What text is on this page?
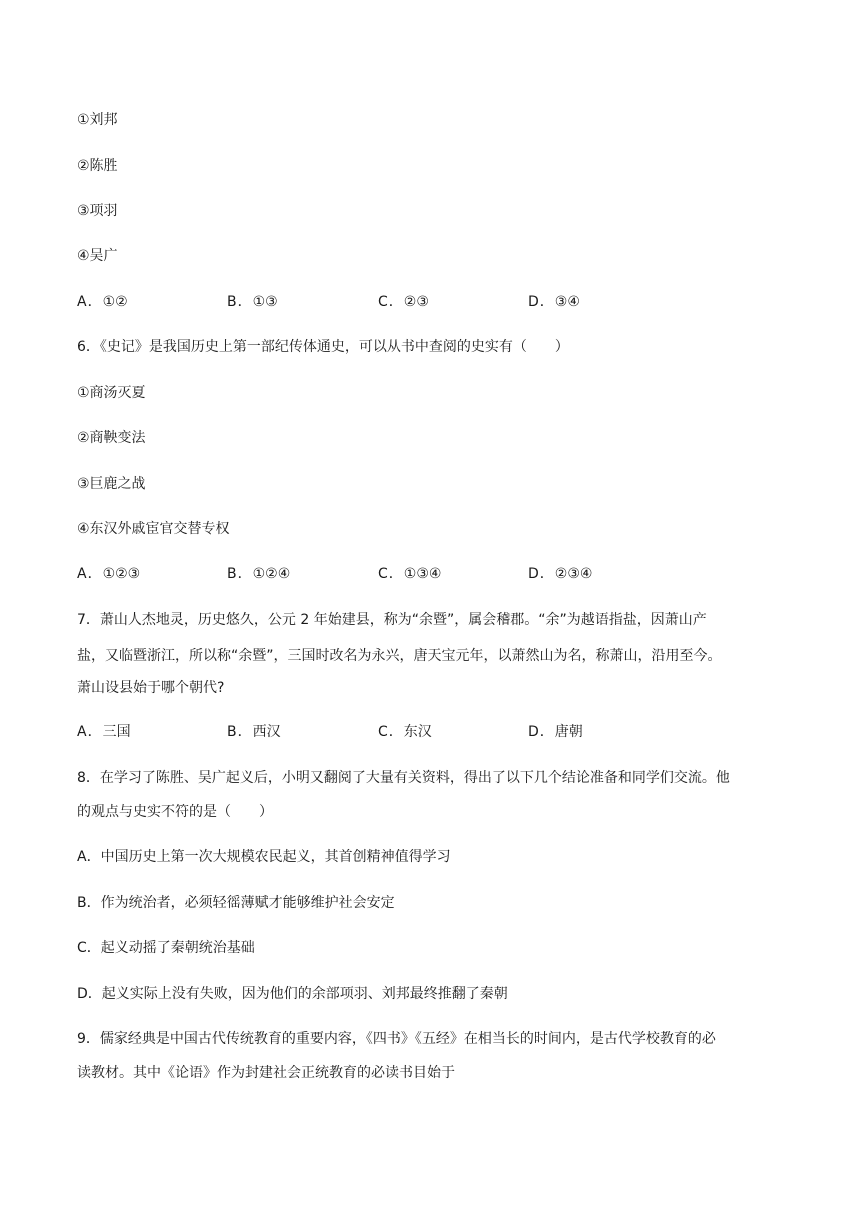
①刘邦
②陈胜
③项羽
④吴广
A．①②	B．①③	C．②③	D．③④
6．《史记》是我国历史上第一部纪传体通史，可以从书中查阅的史实有（　　）
①商汤灭夏
②商鞅变法
③巨鹿之战
④东汉外戚宦官交替专权
A．①②③	B．①②④	C．①③④	D．②③④
7．萧山人杰地灵，历史悠久，公元 2 年始建县，称为“余暨”，属会稽郡。“余”为越语指盐，因萧山产
盐，又临暨浙江，所以称“余暨”，三国时改名为永兴，唐天宝元年，以萧然山为名，称萧山，沿用至今。
萧山设县始于哪个朝代?
A．三国	B．西汉	C．东汉	D．唐朝
8．在学习了陈胜、吴广起义后，小明又翻阅了大量有关资料，得出了以下几个结论准备和同学们交流。他
的观点与史实不符的是（　　）
A．中国历史上第一次大规模农民起义，其首创精神值得学习
B．作为统治者，必须轻徭薄赋才能够维护社会安定
C．起义动摇了秦朝统治基础
D．起义实际上没有失败，因为他们的余部项羽、刘邦最终推翻了秦朝
9．儒家经典是中国古代传统教育的重要内容，《四书》《五经》在相当长的时间内，是古代学校教育的必
读教材。其中《论语》作为封建社会正统教育的必读书目始于
